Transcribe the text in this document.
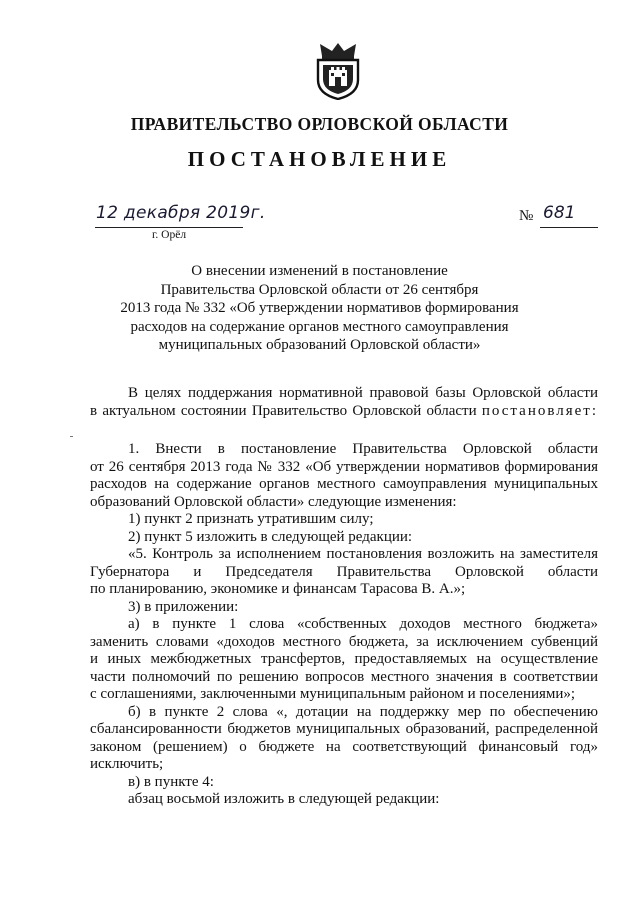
ПРАВИТЕЛЬСТВО ОРЛОВСКОЙ ОБЛАСТИ
ПОСТАНОВЛЕНИЕ
12 декабря 2019г.
г. Орёл
№ 681
О внесении изменений в постановление
Правительства Орловской области от 26 сентября
2013 года № 332 «Об утверждении нормативов формирования
расходов на содержание органов местного самоуправления
муниципальных образований Орловской области»
В целях поддержания нормативной правовой базы Орловской области
в актуальном состоянии Правительство Орловской области постановляет:
1. Внести в постановление Правительства Орловской области
от 26 сентября 2013 года № 332 «Об утверждении нормативов формирования
расходов на содержание органов местного самоуправления муниципальных
образований Орловской области» следующие изменения:
1) пункт 2 признать утратившим силу;
2) пункт 5 изложить в следующей редакции:
«5. Контроль за исполнением постановления возложить на заместителя
Губернатора и Председателя Правительства Орловской области
по планированию, экономике и финансам Тарасова В. А.»;
3) в приложении:
а) в пункте 1 слова «собственных доходов местного бюджета»
заменить словами «доходов местного бюджета, за исключением субвенций
и иных межбюджетных трансфертов, предоставляемых на осуществление
части полномочий по решению вопросов местного значения в соответствии
с соглашениями, заключенными муниципальным районом и поселениями»;
б) в пункте 2 слова «, дотации на поддержку мер по обеспечению
сбалансированности бюджетов муниципальных образований, распределенной
законом (решением) о бюджете на соответствующий финансовый год»
исключить;
в) в пункте 4:
абзац восьмой изложить в следующей редакции:
